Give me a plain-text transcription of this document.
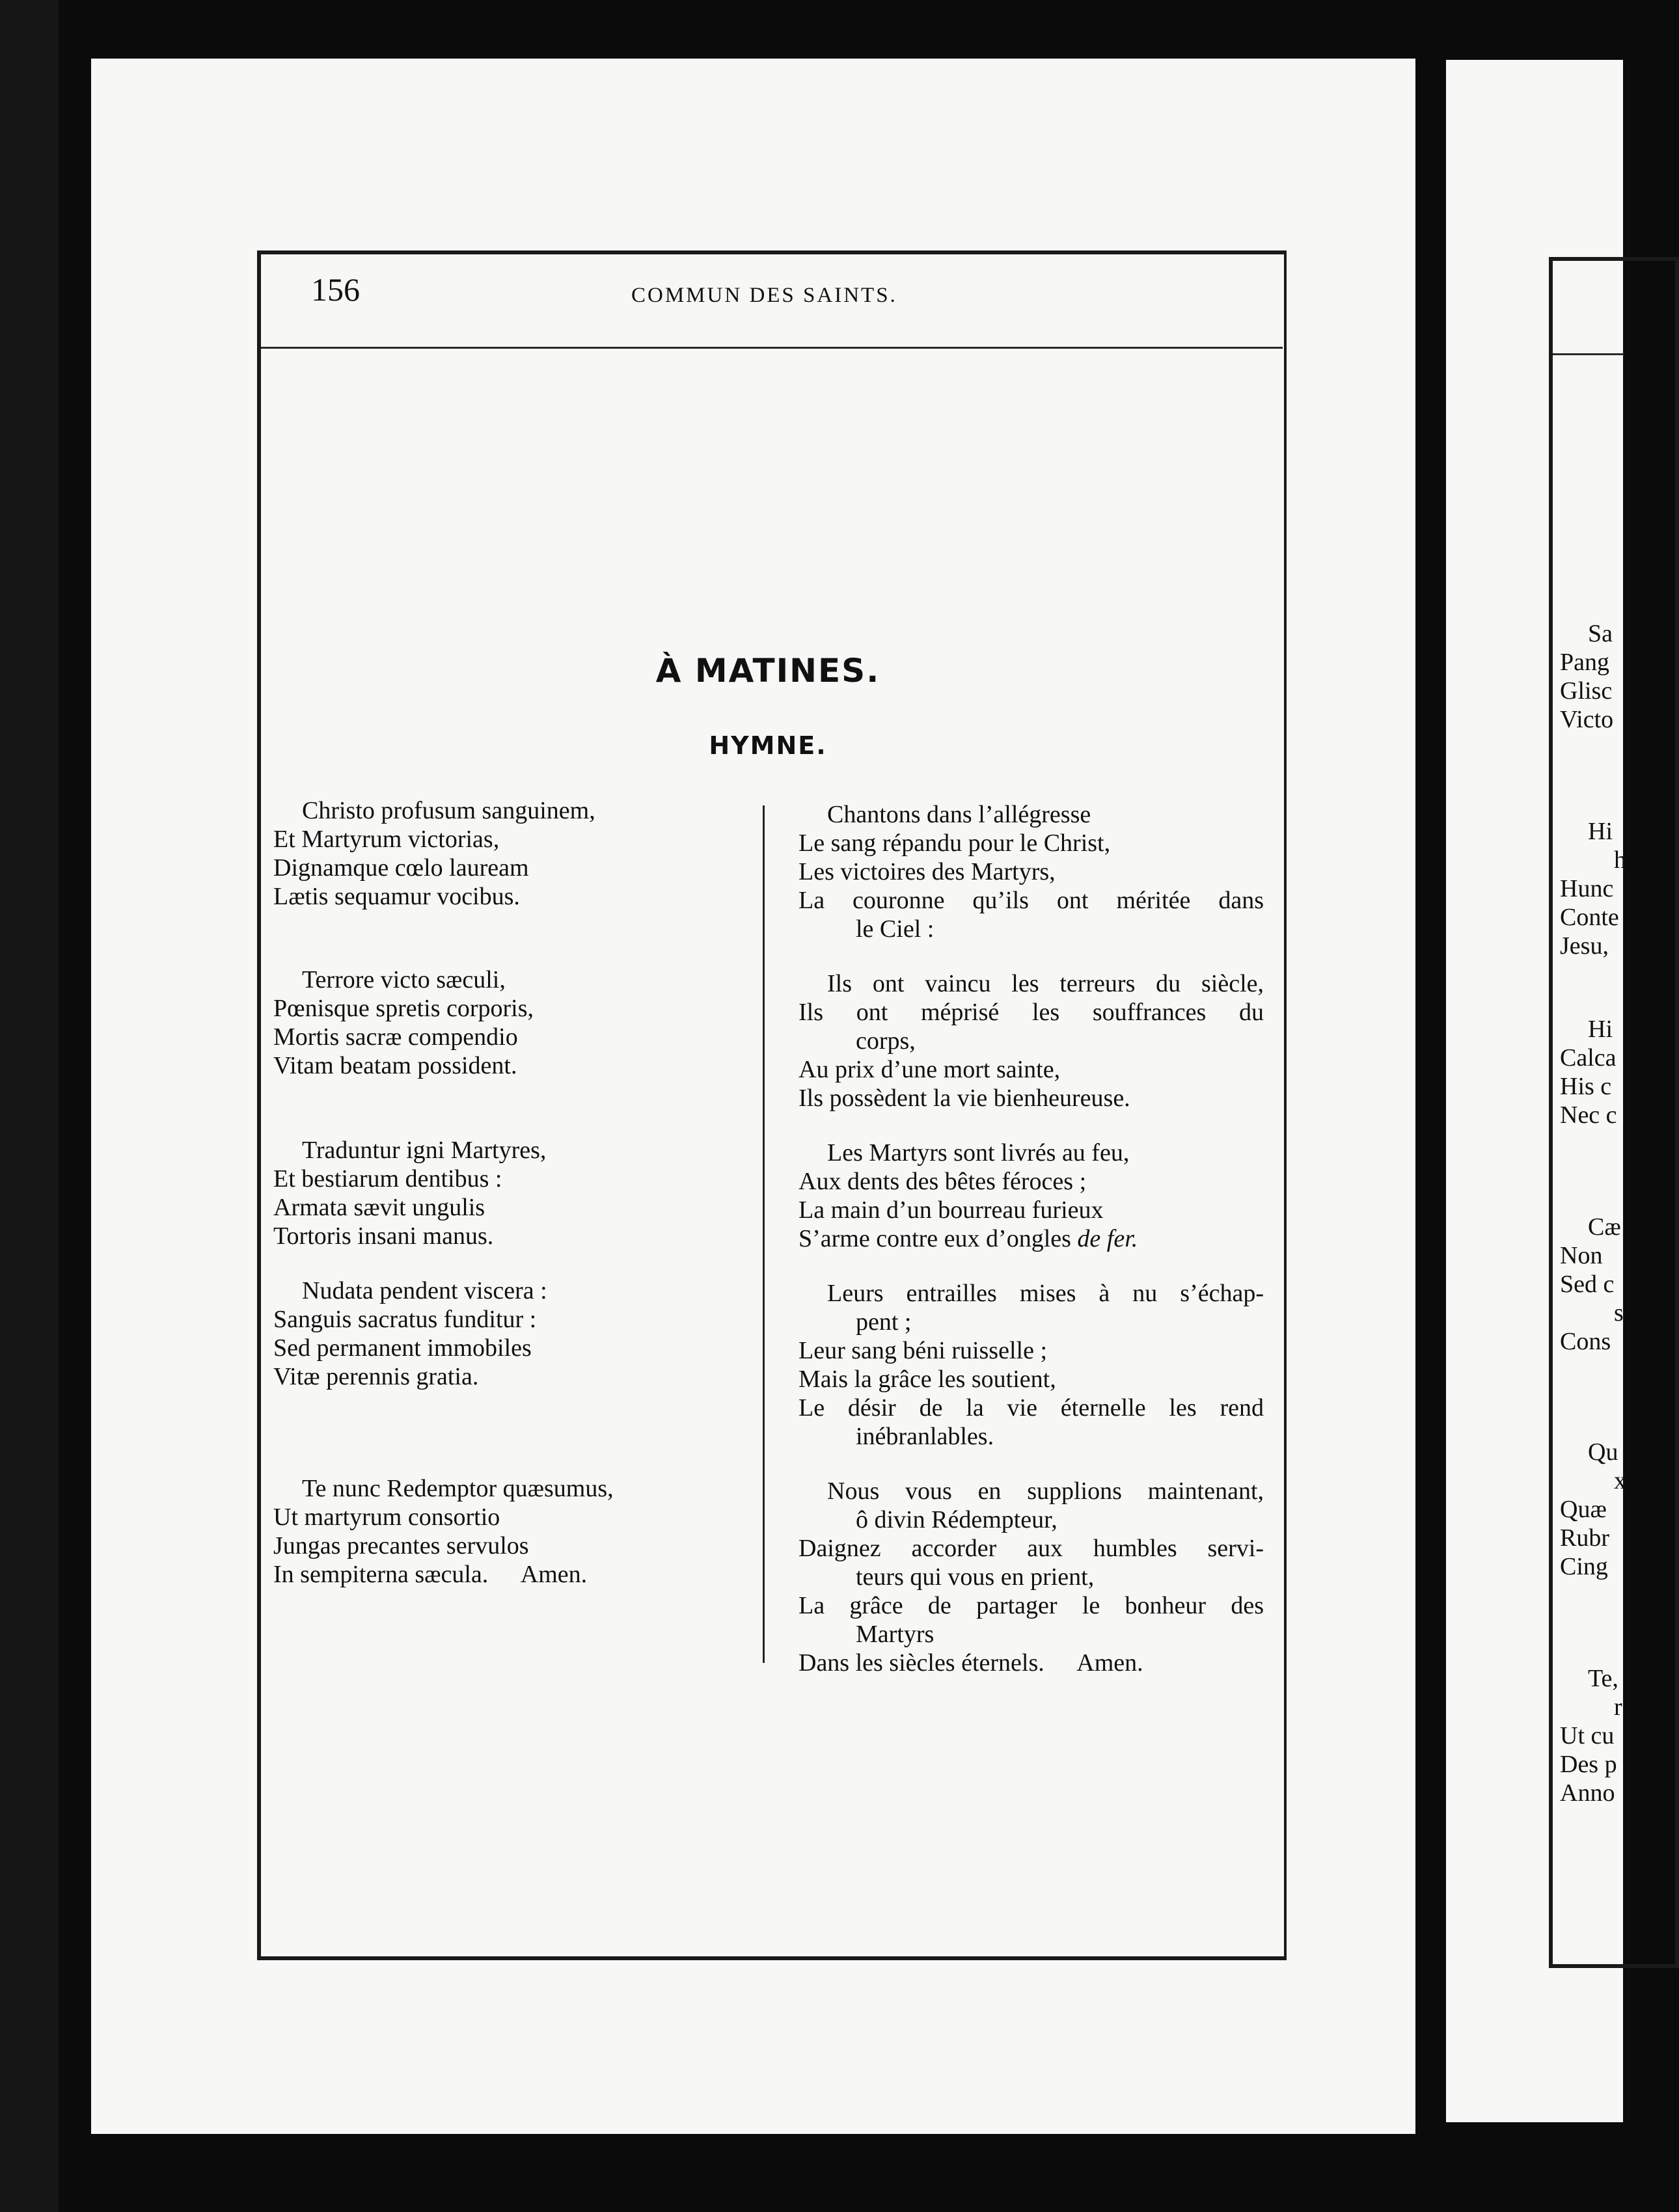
156	COMMUN DES SAINTS.
À MATINES.
HYMNE.
Christo profusum sanguinem,
Et Martyrum victorias,
Dignamque cœlo lauream
Lætis sequamur vocibus.
Terrore victo sæculi,
Pœnisque spretis corporis,
Mortis sacræ compendio
Vitam beatam possident.
Traduntur igni Martyres,
Et bestiarum dentibus :
Armata sævit ungulis
Tortoris insani manus.
Nudata pendent viscera :
Sanguis sacratus funditur :
Sed permanent immobiles
Vitæ perennis gratia.
Te nunc Redemptor quæsumus,
Ut martyrum consortio
Jungas precantes servulos
In sempiterna sæcula. Amen.
Chantons dans l’allégresse
Le sang répandu pour le Christ,
Les victoires des Martyrs,
La couronne qu’ils ont méritée dans
le Ciel :
Ils ont vaincu les terreurs du siècle,
Ils ont méprisé les souffrances du
corps,
Au prix d’une mort sainte,
Ils possèdent la vie bienheureuse.
Les Martyrs sont livrés au feu,
Aux dents des bêtes féroces ;
La main d’un bourreau furieux
S’arme contre eux d’ongles de fer.
Leurs entrailles mises à nu s’échap-
pent ;
Leur sang béni ruisselle ;
Mais la grâce les soutient,
Le désir de la vie éternelle les rend
inébranlables.
Nous vous en supplions maintenant,
ô divin Rédempteur,
Daignez accorder aux humbles servi-
teurs qui vous en prient,
La grâce de partager le bonheur des
Martyrs
Dans les siècles éternels. Amen.
Sa
Pang
Glisc
Victo
Hi
h
Hunc
Conte
Jesu,
Hi
Calca
His c
Nec c
Cæ
Non
Sed c
s
Cons
Qu
x
Quæ
Rubr
Cing
Te,
r
Ut cu
Des p
Anno
